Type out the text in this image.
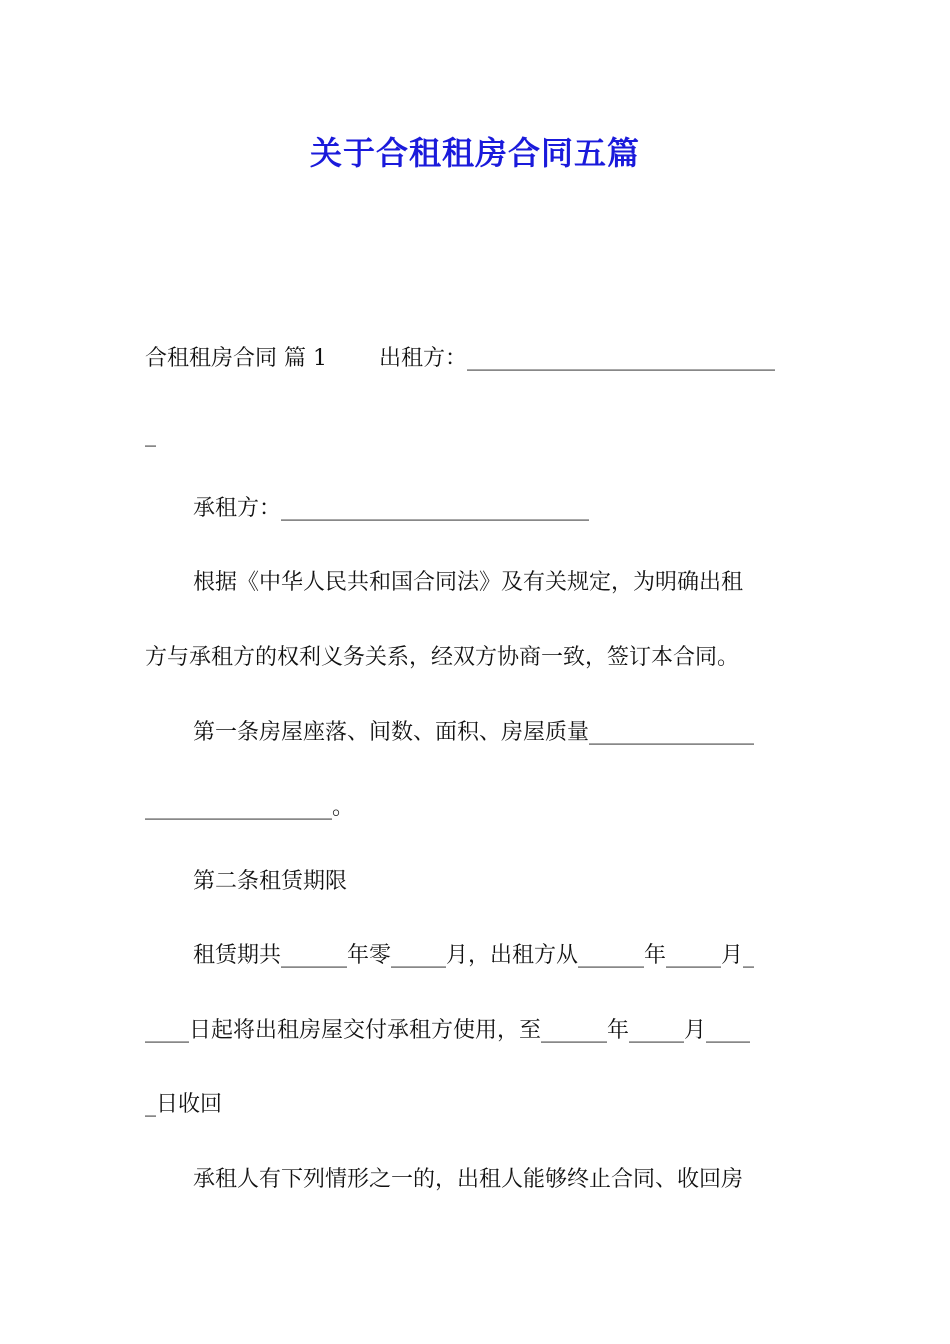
关于合租租房合同五篇

合租租房合同 篇 1 出租方：____________________________

_

承租方：____________________________

根据《中华人民共和国合同法》及有关规定，为明确出租

方与承租方的权利义务关系，经双方协商一致，签订本合同。

第一条房屋座落、间数、面积、房屋质量_______________

_________________。

第二条租赁期限

租赁期共______年零_____月，出租方从______年_____月_

____日起将出租房屋交付承租方使用，至______年_____月____

_日收回

承租人有下列情形之一的，出租人能够终止合同、收回房
